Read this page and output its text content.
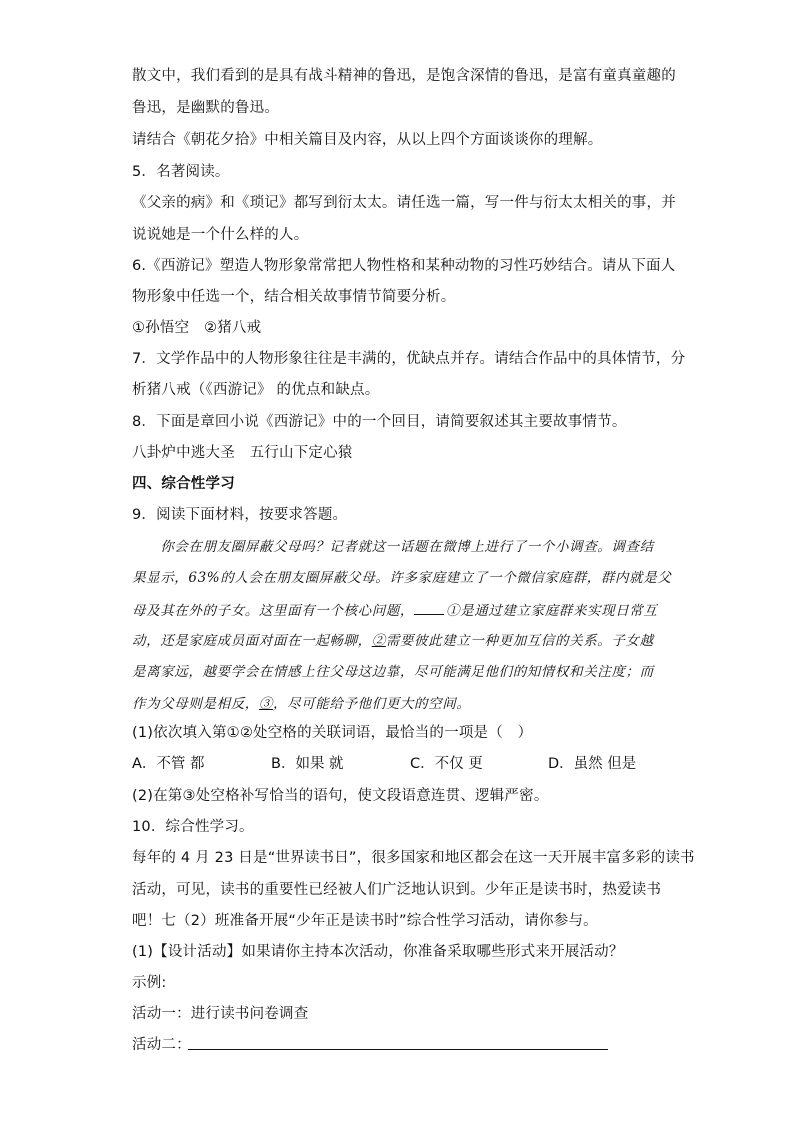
散文中，我们看到的是具有战斗精神的鲁迅，是饱含深情的鲁迅，是富有童真童趣的
鲁迅，是幽默的鲁迅。
请结合《朝花夕拾》中相关篇目及内容，从以上四个方面谈谈你的理解。
5．名著阅读。
《父亲的病》和《琐记》都写到衍太太。请任选一篇，写一件与衍太太相关的事，并
说说她是一个什么样的人。
6.《西游记》塑造人物形象常常把人物性格和某种动物的习性巧妙结合。请从下面人
物形象中任选一个，结合相关故事情节简要分析。
①孙悟空　②猪八戒
7．文学作品中的人物形象往往是丰满的，优缺点并存。请结合作品中的具体情节，分
析猪八戒（《西游记》 的优点和缺点。
8．下面是章回小说《西游记》中的一个回目，请简要叙述其主要故事情节。
八卦炉中逃大圣　五行山下定心猿
四、综合性学习
9．阅读下面材料，按要求答题。
　　你会在朋友圈屏蔽父母吗？记者就这一话题在微博上进行了一个小调查。调查结
果显示，63%的人会在朋友圈屏蔽父母。许多家庭建立了一个微信家庭群，群内就是父
母及其在外的子女。这里面有一个核心问题， ①是通过建立家庭群来实现日常互
动，还是家庭成员面对面在一起畅聊，②需要彼此建立一种更加互信的关系。子女越
是离家远，越要学会在情感上往父母这边靠，尽可能满足他们的知情权和关注度；而
作为父母则是相反，③，尽可能给予他们更大的空间。
(1)依次填入第①②处空格的关联词语，最恰当的一项是（　）
A．不管 都	B．如果 就	C．不仅 更	D．虽然 但是
(2)在第③处空格补写恰当的语句，使文段语意连贯、逻辑严密。
10．综合性学习。
每年的 4 月 23 日是“世界读书日”，很多国家和地区都会在这一天开展丰富多彩的读书
活动，可见，读书的重要性已经被人们广泛地认识到。少年正是读书时，热爱读书
吧！七（2）班准备开展“少年正是读书时”综合性学习活动，请你参与。
(1)【设计活动】如果请你主持本次活动，你准备采取哪些形式来开展活动？
示例:
活动一：进行读书问卷调查
活动二：
